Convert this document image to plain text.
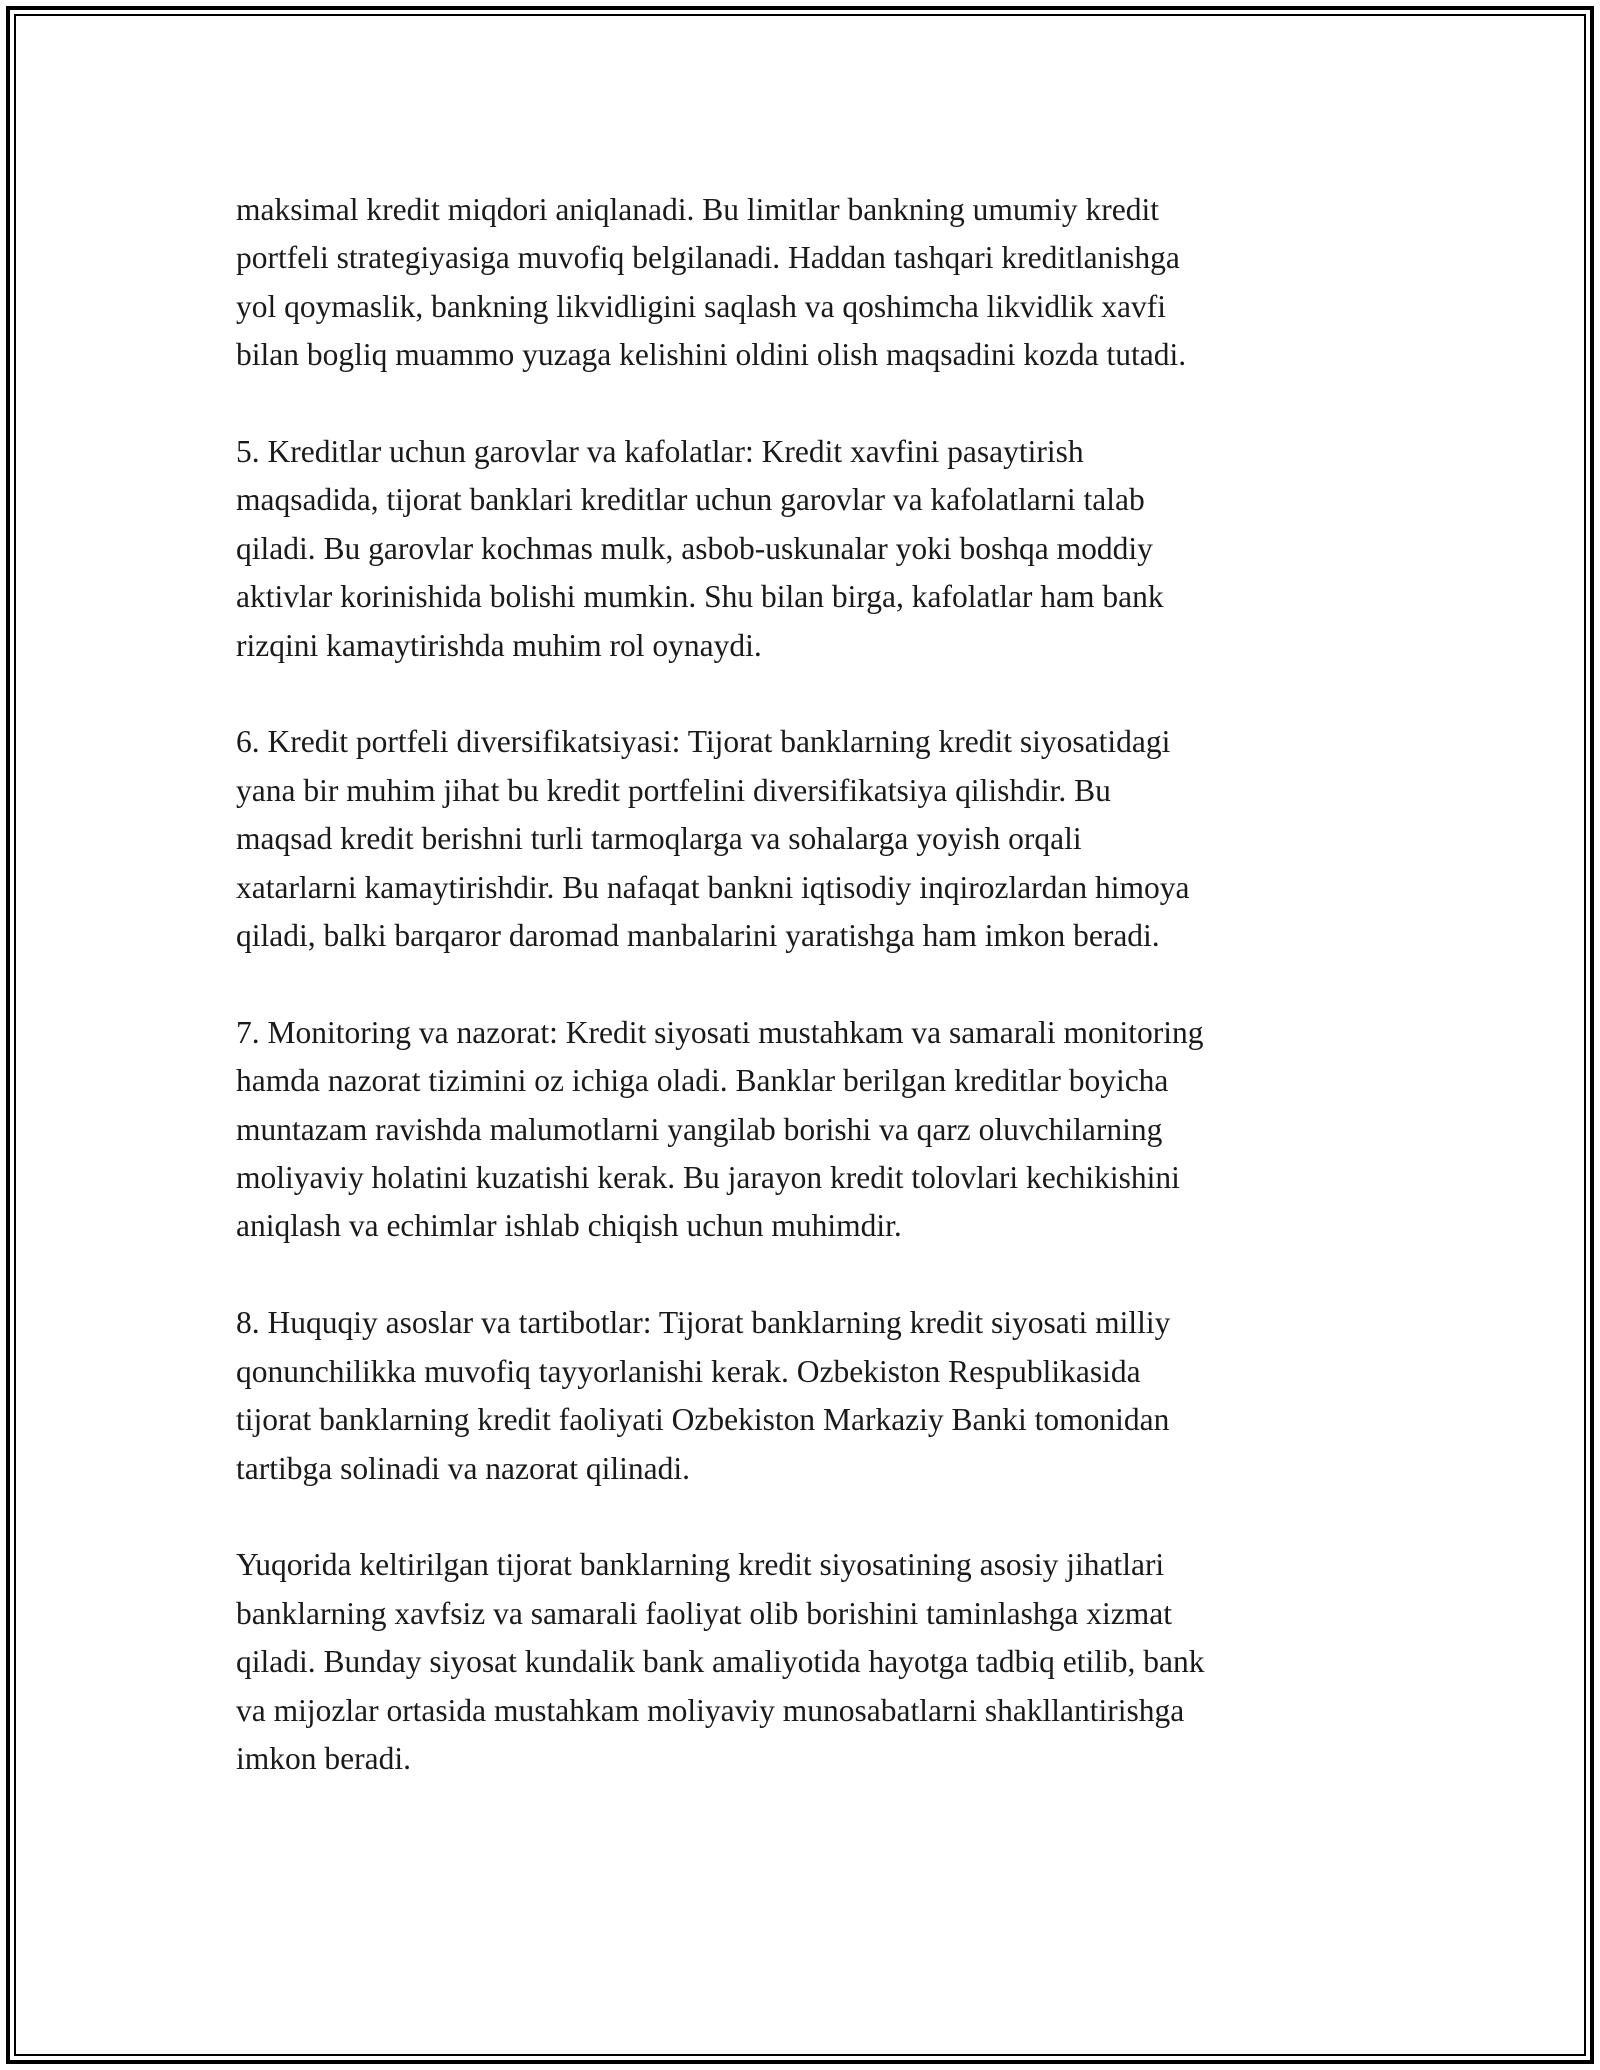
maksimal kredit miqdori aniqlanadi. Bu limitlar bankning umumiy kredit
portfeli strategiyasiga muvofiq belgilanadi. Haddan tashqari kreditlanishga
yol qoymaslik, bankning likvidligini saqlash va qoshimcha likvidlik xavfi
bilan bogliq muammo yuzaga kelishini oldini olish maqsadini kozda tutadi.

5. Kreditlar uchun garovlar va kafolatlar: Kredit xavfini pasaytirish
maqsadida, tijorat banklari kreditlar uchun garovlar va kafolatlarni talab
qiladi. Bu garovlar kochmas mulk, asbob-uskunalar yoki boshqa moddiy
aktivlar korinishida bolishi mumkin. Shu bilan birga, kafolatlar ham bank
rizqini kamaytirishda muhim rol oynaydi.

6. Kredit portfeli diversifikatsiyasi: Tijorat banklarning kredit siyosatidagi
yana bir muhim jihat bu kredit portfelini diversifikatsiya qilishdir. Bu
maqsad kredit berishni turli tarmoqlarga va sohalarga yoyish orqali
xatarlarni kamaytirishdir. Bu nafaqat bankni iqtisodiy inqirozlardan himoya
qiladi, balki barqaror daromad manbalarini yaratishga ham imkon beradi.

7. Monitoring va nazorat: Kredit siyosati mustahkam va samarali monitoring
hamda nazorat tizimini oz ichiga oladi. Banklar berilgan kreditlar boyicha
muntazam ravishda malumotlarni yangilab borishi va qarz oluvchilarning
moliyaviy holatini kuzatishi kerak. Bu jarayon kredit tolovlari kechikishini
aniqlash va echimlar ishlab chiqish uchun muhimdir.

8. Huquqiy asoslar va tartibotlar: Tijorat banklarning kredit siyosati milliy
qonunchilikka muvofiq tayyorlanishi kerak. Ozbekiston Respublikasida
tijorat banklarning kredit faoliyati Ozbekiston Markaziy Banki tomonidan
tartibga solinadi va nazorat qilinadi.

Yuqorida keltirilgan tijorat banklarning kredit siyosatining asosiy jihatlari
banklarning xavfsiz va samarali faoliyat olib borishini taminlashga xizmat
qiladi. Bunday siyosat kundalik bank amaliyotida hayotga tadbiq etilib, bank
va mijozlar ortasida mustahkam moliyaviy munosabatlarni shakllantirishga
imkon beradi.
